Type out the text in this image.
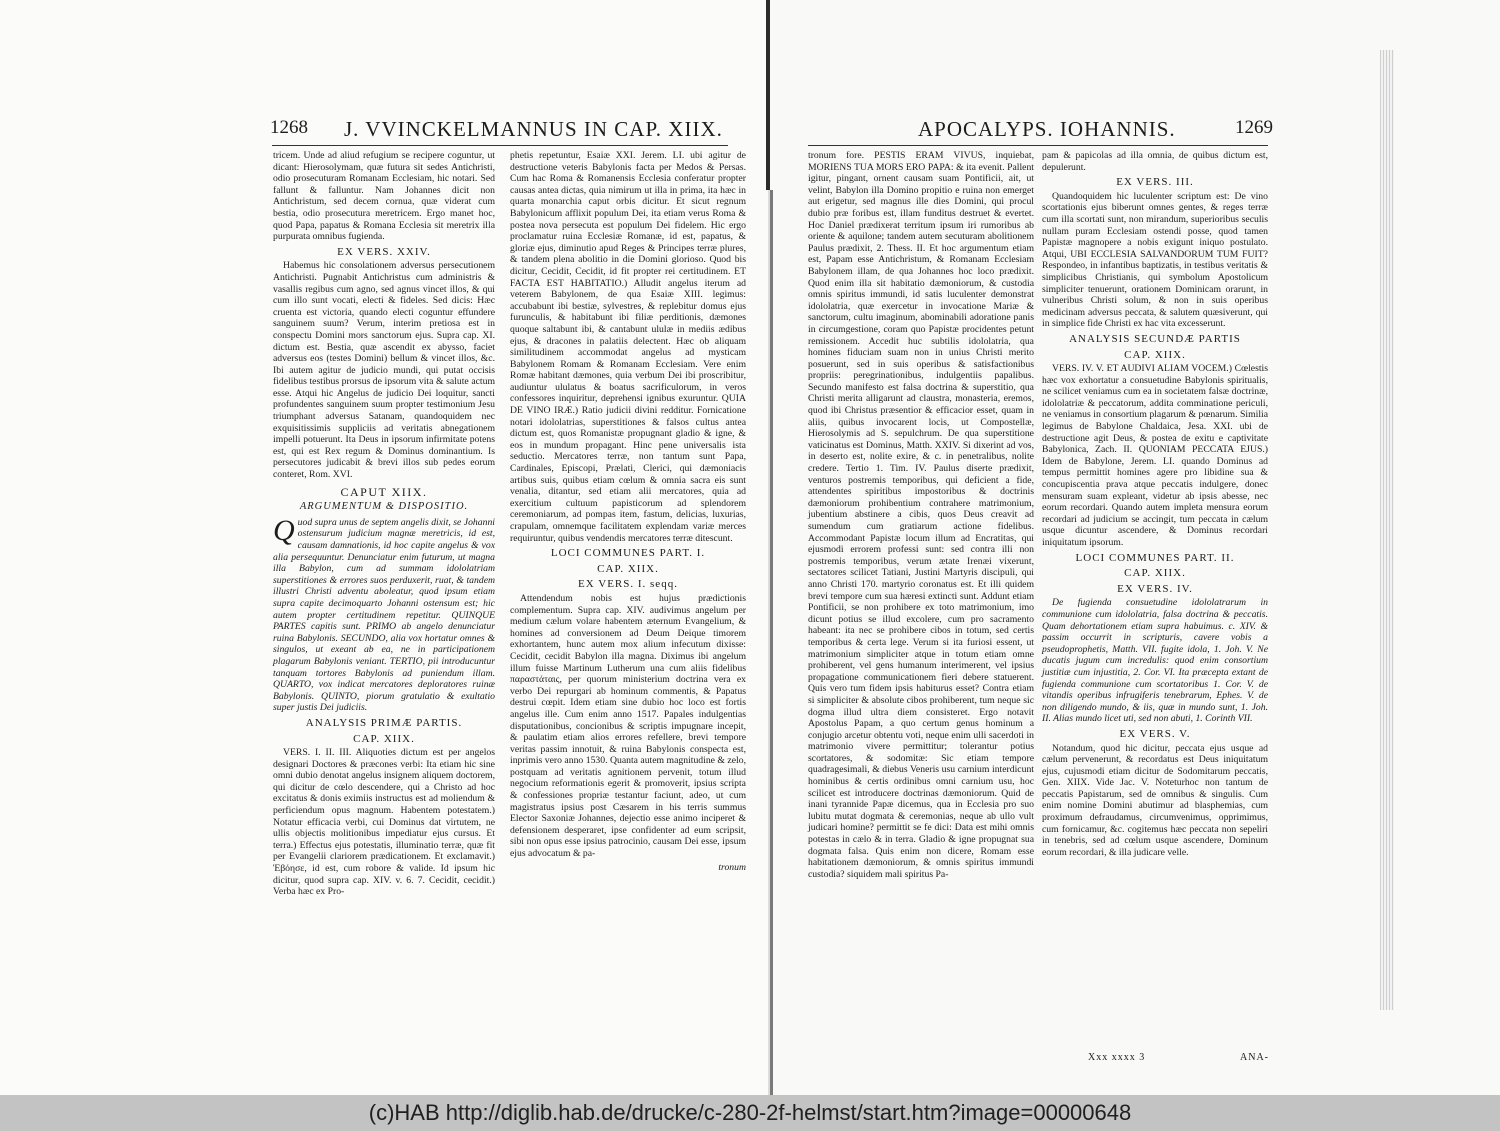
1268 J. VVINCKELMANNUS IN CAP. XIIX.

tricem. Unde ad aliud refugium se recipere coguntur, ut dicant: Hierosolymam, quæ futura sit sedes Antichristi, odio prosecuturam Romanam Ecclesiam, hic notari. Sed fallunt & falluntur. Nam Johannes dicit non Antichristum, sed decem cornua, quæ viderat cum bestia, odio prosecutura meretricem. Ergo manet hoc, quod Papa, papatus & Romana Ecclesia sit meretrix illa purpurata omnibus fugienda.

EX VERS. XXIV.

Habemus hic consolationem adversus persecutionem Antichristi. Pugnabit Antichristus cum administris & vasallis regibus cum agno, sed agnus vincet illos, & qui cum illo sunt vocati, electi & fideles. Sed dicis: Hæc cruenta est victoria, quando electi coguntur effundere sanguinem suum? Verum, interim pretiosa est in conspectu Domini mors sanctorum ejus. Supra cap. XI. dictum est. Bestia, quæ ascendit ex abysso, faciet adversus eos (testes Domini) bellum & vincet illos, &c. Ibi autem agitur de judicio mundi, qui putat occisis fidelibus testibus prorsus de ipsorum vita & salute actum esse. Atqui hic Angelus de judicio Dei loquitur, sancti profundentes sanguinem suum propter testimonium Jesu triumphant adversus Satanam, quandoquidem nec exquisitissimis suppliciis ad veritatis abnegationem impelli potuerunt. Ita Deus in ipsorum infirmitate potens est, qui est Rex regum & Dominus dominantium. Is persecutores judicabit & brevi illos sub pedes eorum conteret, Rom. XVI.

CAPUT XIIX.
ARGUMENTUM & DISPOSITIO.

Quod supra unus de septem angelis dixit, se Johanni ostensurum judicium magnæ meretricis, id est, causam damnationis, id hoc capite angelus & vox alia persequuntur. Denunciatur enim futurum, ut magna illa Babylon, cum ad summam idololatriam superstitiones & errores suos perduxerit, ruat, & tandem illustri Christi adventu aboleatur, quod ipsum etiam supra capite decimoquarto Johanni ostensum est; hic autem propter certitudinem repetitur. QUINQUE PARTES capitis sunt. PRIMO ab angelo denunciatur ruina Babylonis. SECUNDO, alia vox hortatur omnes & singulos, ut exeant ab ea, ne in participationem plagarum Babylonis veniant. TERTIO, pii introducuntur tanquam tortores Babylonis ad puniendum illam. QUARTO, vox indicat mercatores deploratores ruinæ Babylonis. QUINTO, piorum gratulatio & exultatio super justis Dei judiciis.

ANALYSIS PRIMÆ PARTIS.
CAP. XIIX.

VERS. I. II. III. Aliquoties dictum est per angelos designari Doctores & præcones verbi: Ita etiam hic sine omni dubio denotat angelus insignem aliquem doctorem, qui dicitur de cœlo descendere, qui a Christo ad hoc excitatus & donis eximiis instructus est ad moliendum & perficiendum opus magnum. Habentem potestatem.) Notatur efficacia verbi, cui Dominus dat virtutem, ne ullis objectis molitionibus impediatur ejus cursus. Et terra.) Effectus ejus potestatis, illuminatio terræ, quæ fit per Evangelii clariorem prædicationem. Et exclamavit.) Ἐβόησε, id est, cum robore & valide. Id ipsum hic dicitur, quod supra cap. XIV. v. 6. 7. Cecidit, cecidit.) Verba hæc ex Pro-

phetis repetuntur, Esaiæ XXI. Jerem. LI. ubi agitur de destructione veteris Babylonis facta per Medos & Persas. Cum hac Roma & Romanensis Ecclesia conferatur propter causas antea dictas, quia nimirum ut illa in prima, ita hæc in quarta monarchia caput orbis dicitur. Et sicut regnum Babylonicum afflixit populum Dei, ita etiam verus Roma & postea nova persecuta est populum Dei fidelem. Hic ergo proclamatur ruina Ecclesiæ Romanæ, id est, papatus, & gloriæ ejus, diminutio apud Reges & Principes terræ plures, & tandem plena abolitio in die Domini glorioso. Quod bis dicitur, Cecidit, Cecidit, id fit propter rei certitudinem. ET FACTA EST HABITATIO.) Alludit angelus iterum ad veterem Babylonem, de qua Esaiæ XIII. legimus: accubabunt ibi bestiæ, sylvestres, & replebitur domus ejus furunculis, & habitabunt ibi filiæ perditionis, dæmones quoque saltabunt ibi, & cantabunt ululæ in mediis ædibus ejus, & dracones in palatiis delectent. Hæc ob aliquam similitudinem accommodat angelus ad mysticam Babylonem Romam & Romanam Ecclesiam. Vere enim Romæ habitant dæmones, quia verbum Dei ibi proscribitur, audiuntur ululatus & boatus sacrificulorum, in veros confessores inquiritur, deprehensi ignibus exuruntur. QUIA DE VINO IRÆ.) Ratio judicii divini redditur. Fornicatione notari idololatrias, superstitiones & falsos cultus antea dictum est, quos Romanistæ propugnant gladio & igne, & eos in mundum propagant. Hinc pene universalis ista seductio. Mercatores terræ, non tantum sunt Papa, Cardinales, Episcopi, Prælati, Clerici, qui dæmoniacis artibus suis, quibus etiam cœlum & omnia sacra eis sunt venalia, ditantur, sed etiam alii mercatores, quia ad exercitium cultuum papisticorum ad splendorem ceremoniarum, ad pompas item, fastum, delicias, luxurias, crapulam, omnemque facilitatem explendam variæ merces requiruntur, quibus vendendis mercatores terræ ditescunt.

LOCI COMMUNES PART. I.
CAP. XIIX.
EX VERS. I. seqq.

Attendendum nobis est hujus prædictionis complementum. Supra cap. XIV. audivimus angelum per medium cælum volare habentem æternum Evangelium, & homines ad conversionem ad Deum Deique timorem exhortantem, hunc autem mox alium infecutum dixisse: Cecidit, cecidit Babylon illa magna. Diximus ibi angelum illum fuisse Martinum Lutherum una cum aliis fidelibus παραστάταις, per quorum ministerium doctrina vera ex verbo Dei repurgari ab hominum commentis, & Papatus destrui cœpit. Idem etiam sine dubio hoc loco est fortis angelus ille. Cum enim anno 1517. Papales indulgentias disputationibus, concionibus & scriptis impugnare incepit, & paulatim etiam alios errores refellere, brevi tempore veritas passim innotuit, & ruina Babylonis conspecta est, inprimis vero anno 1530. Quanta autem magnitudine & zelo, postquam ad veritatis agnitionem pervenit, totum illud negocium reformationis egerit & promoverit, ipsius scripta & confessiones propriæ testantur faciunt, adeo, ut cum magistratus ipsius post Cæsarem in his terris summus Elector Saxoniæ Johannes, dejectio esse animo inciperet & defensionem desperaret, ipse confidenter ad eum scripsit, sibi non opus esse ipsius patrocinio, causam Dei esse, ipsum ejus advocatum & pa-

tronum
APOCALYPS. IOHANNIS.	1269

tronum fore. PESTIS ERAM VIVUS, inquiebat, MORIENS TUA MORS ERO PAPA: & ita evenit. Pallent igitur, pingant, ornent causam suam Pontificii, ait, ut velint, Babylon illa Domino propitio e ruina non emerget aut erigetur, sed magnus ille dies Domini, qui procul dubio præ foribus est, illam funditus destruet & evertet. Hoc Daniel prædixerat territum ipsum iri rumoribus ab oriente & aquilone; tandem autem secuturam abolitionem Paulus prædixit, 2. Thess. II. Et hoc argumentum etiam est, Papam esse Antichristum, & Romanam Ecclesiam Babylonem illam, de qua Johannes hoc loco prædixit. Quod enim illa sit habitatio dæmoniorum, & custodia omnis spiritus immundi, id satis luculenter demonstrat idololatria, quæ exercetur in invocatione Mariæ & sanctorum, cultu imaginum, abominabili adoratione panis in circumgestione, coram quo Papistæ procidentes petunt remissionem. Accedit huc subtilis idololatria, qua homines fiduciam suam non in unius Christi merito posuerunt, sed in suis operibus & satisfactionibus propriis: peregrinationibus, indulgentiis papalibus. Secundo manifesto est falsa doctrina & superstitio, qua Christi merita alligarunt ad claustra, monasteria, eremos, quod ibi Christus præsentior & efficacior esset, quam in aliis, quibus invocarent locis, ut Compostellæ, Hierosolymis ad S. sepulchrum. De qua superstitione vaticinatus est Dominus, Matth. XXIV. Si dixerint ad vos, in deserto est, nolite exire, & c. in penetralibus, nolite credere. Tertio 1. Tim. IV. Paulus diserte prædixit, venturos postremis temporibus, qui deficient a fide, attendentes spiritibus impostoribus & doctrinis dæmoniorum prohibentium contrahere matrimonium, jubentium abstinere a cibis, quos Deus creavit ad sumendum cum gratiarum actione fidelibus. Accommodant Papistæ locum illum ad Encratitas, qui ejusmodi errorem professi sunt: sed contra illi non postremis temporibus, verum ætate Irenæi vixerunt, sectatores scilicet Tatiani, Justini Martyris discipuli, qui anno Christi 170. martyrio coronatus est. Et illi quidem brevi tempore cum sua hæresi extincti sunt. Addunt etiam Pontificii, se non prohibere ex toto matrimonium, imo dicunt potius se illud excolere, cum pro sacramento habeant: ita nec se prohibere cibos in totum, sed certis temporibus & certa lege. Verum si ita furiosi essent, ut matrimonium simpliciter atque in totum etiam omne prohiberent, vel gens humanum interimerent, vel ipsius propagatione communicationem fieri debere statuerent. Quis vero tum fidem ipsis habiturus esset? Contra etiam si simpliciter & absolute cibos prohiberent, tum neque sic dogma illud ultra diem consisteret. Ergo notavit Apostolus Papam, a quo certum genus hominum a conjugio arcetur obtentu voti, neque enim ulli sacerdoti in matrimonio vivere permittitur; tolerantur potius scortatores, & sodomitæ: Sic etiam tempore quadragesimali, & diebus Veneris usu carnium interdicunt hominibus & certis ordinibus omni carnium usu, hoc scilicet est introducere doctrinas dæmoniorum. Quid de inani tyrannide Papæ dicemus, qua in Ecclesia pro suo lubitu mutat dogmata & ceremonias, neque ab ullo vult judicari homine? permittit se fe dici: Data est mihi omnis potestas in cælo & in terra. Gladio & igne propugnat sua dogmata falsa. Quis enim non dicere, Romam esse habitationem dæmoniorum, & omnis spiritus immundi custodia? siquidem mali spiritus Pa-

pam & papicolas ad illa omnia, de quibus dictum est, depulerunt.

EX VERS. III.

Quandoquidem hic luculenter scriptum est: De vino scortationis ejus biberunt omnes gentes, & reges terræ cum illa scortati sunt, non mirandum, superioribus seculis nullam puram Ecclesiam ostendi posse, quod tamen Papistæ magnopere a nobis exigunt iniquo postulato. Atqui, UBI ECCLESIA SALVANDORUM TUM FUIT? Respondeo, in infantibus baptizatis, in testibus veritatis & simplicibus Christianis, qui symbolum Apostolicum simpliciter tenuerunt, orationem Dominicam orarunt, in vulneribus Christi solum, & non in suis operibus medicinam adversus peccata, & salutem quæsiverunt, qui in simplice fide Christi ex hac vita excesserunt.

ANALYSIS SECUNDÆ PARTIS
CAP. XIIX.

VERS. IV. V. ET AUDIVI ALIAM VOCEM.) Cœlestis hæc vox exhortatur a consuetudine Babylonis spiritualis, ne scilicet veniamus cum ea in societatem falsæ doctrinæ, idololatriæ & peccatorum, addita comminatione periculi, ne veniamus in consortium plagarum & pœnarum. Similia legimus de Babylone Chaldaica, Jesa. XXI. ubi de destructione agit Deus, & postea de exitu e captivitate Babylonica, Zach. II. QUONIAM PECCATA EJUS.) Idem de Babylone, Jerem. LI. quando Dominus ad tempus permittit homines agere pro libidine sua & concupiscentia prava atque peccatis indulgere, donec mensuram suam expleant, videtur ab ipsis abesse, nec eorum recordari. Quando autem impleta mensura eorum recordari ad judicium se accingit, tum peccata in cælum usque dicuntur ascendere, & Dominus recordari iniquitatum ipsorum.

LOCI COMMUNES PART. II.
CAP. XIIX.
EX VERS. IV.

De fugienda consuetudine idololatrarum in communione cum idololatria, falsa doctrina & peccatis. Quam dehortationem etiam supra habuimus. c. XIV. & passim occurrit in scripturis, cavere vobis a pseudoprophetis, Matth. VII. fugite idola, 1. Joh. V. Ne ducatis jugum cum incredulis: quod enim consortium justitiæ cum injustitia, 2. Cor. VI. Ita præcepta extant de fugienda communione cum scortatoribus 1. Cor. V. de vitandis operibus infrugiferis tenebrarum, Ephes. V. de non diligendo mundo, & iis, quæ in mundo sunt, 1. Joh. II. Alias mundo licet uti, sed non abuti, 1. Corinth VII.

EX VERS. V.

Notandum, quod hic dicitur, peccata ejus usque ad cælum pervenerunt, & recordatus est Deus iniquitatum ejus, cujusmodi etiam dicitur de Sodomitarum peccatis, Gen. XIIX. Vide Jac. V. Noteturhoc non tantum de peccatis Papistarum, sed de omnibus & singulis. Cum enim nomine Domini abutimur ad blasphemias, cum proximum defraudamus, circumvenimus, opprimimus, cum fornicamur, &c. cogitemus hæc peccata non sepeliri in tenebris, sed ad cœlum usque ascendere, Dominum eorum recordari, & illa judicare velle.

Xxx xxxx 3	ANA-
(c)HAB http://diglib.hab.de/drucke/c-280-2f-helmst/start.htm?image=00000648
